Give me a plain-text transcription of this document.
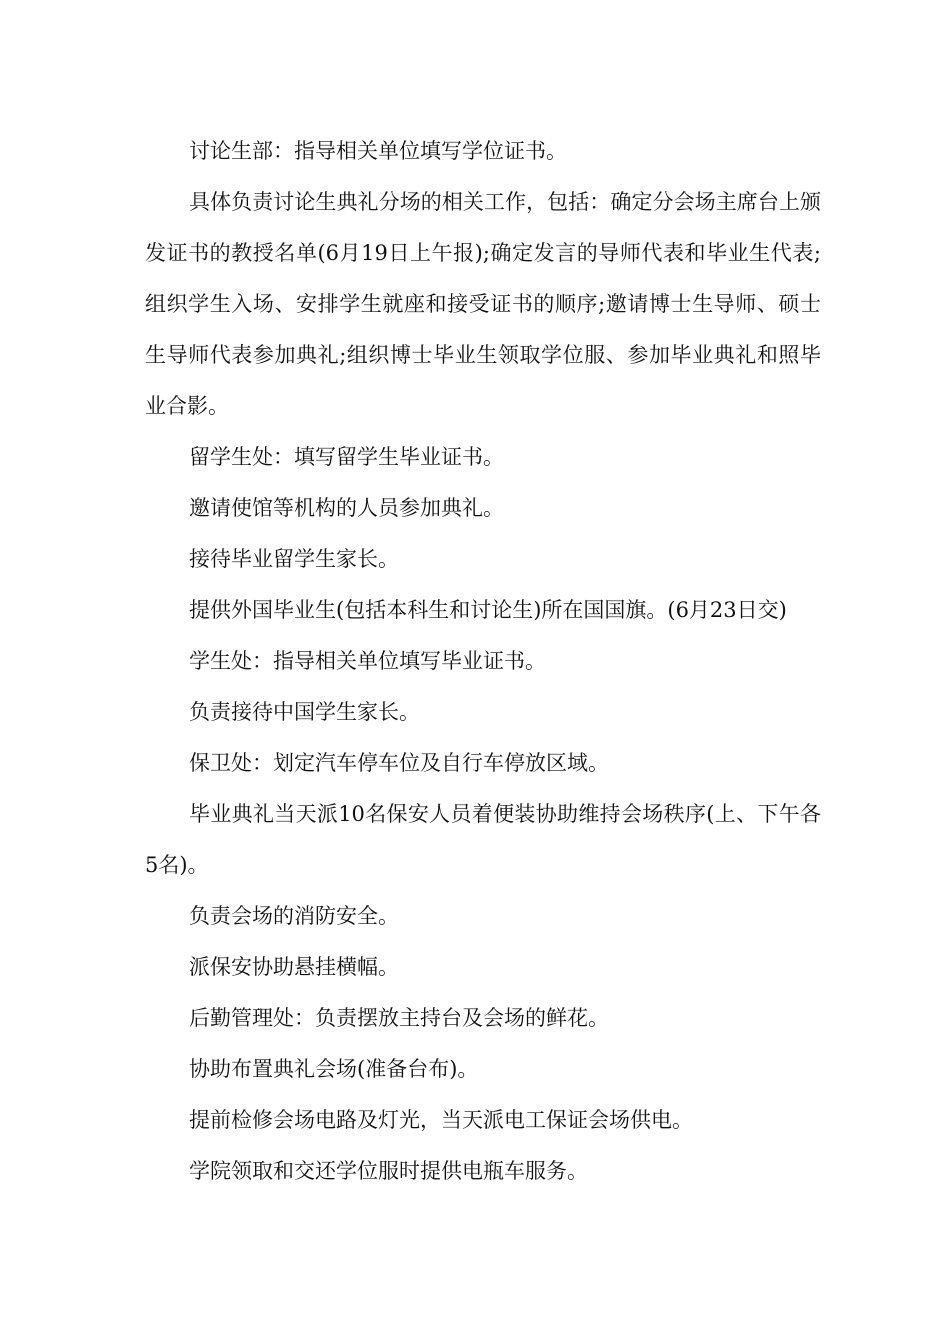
讨论生部：指导相关单位填写学位证书。

具体负责讨论生典礼分场的相关工作，包括：确定分会场主席台上颁发证书的教授名单(6月19日上午报);确定发言的导师代表和毕业生代表;组织学生入场、安排学生就座和接受证书的顺序;邀请博士生导师、硕士生导师代表参加典礼;组织博士毕业生领取学位服、参加毕业典礼和照毕业合影。

留学生处：填写留学生毕业证书。

邀请使馆等机构的人员参加典礼。

接待毕业留学生家长。

提供外国毕业生(包括本科生和讨论生)所在国国旗。(6月23日交)

学生处：指导相关单位填写毕业证书。

负责接待中国学生家长。

保卫处：划定汽车停车位及自行车停放区域。

毕业典礼当天派10名保安人员着便装协助维持会场秩序(上、下午各5名)。

负责会场的消防安全。

派保安协助悬挂横幅。

后勤管理处：负责摆放主持台及会场的鲜花。

协助布置典礼会场(准备台布)。

提前检修会场电路及灯光，当天派电工保证会场供电。

学院领取和交还学位服时提供电瓶车服务。
